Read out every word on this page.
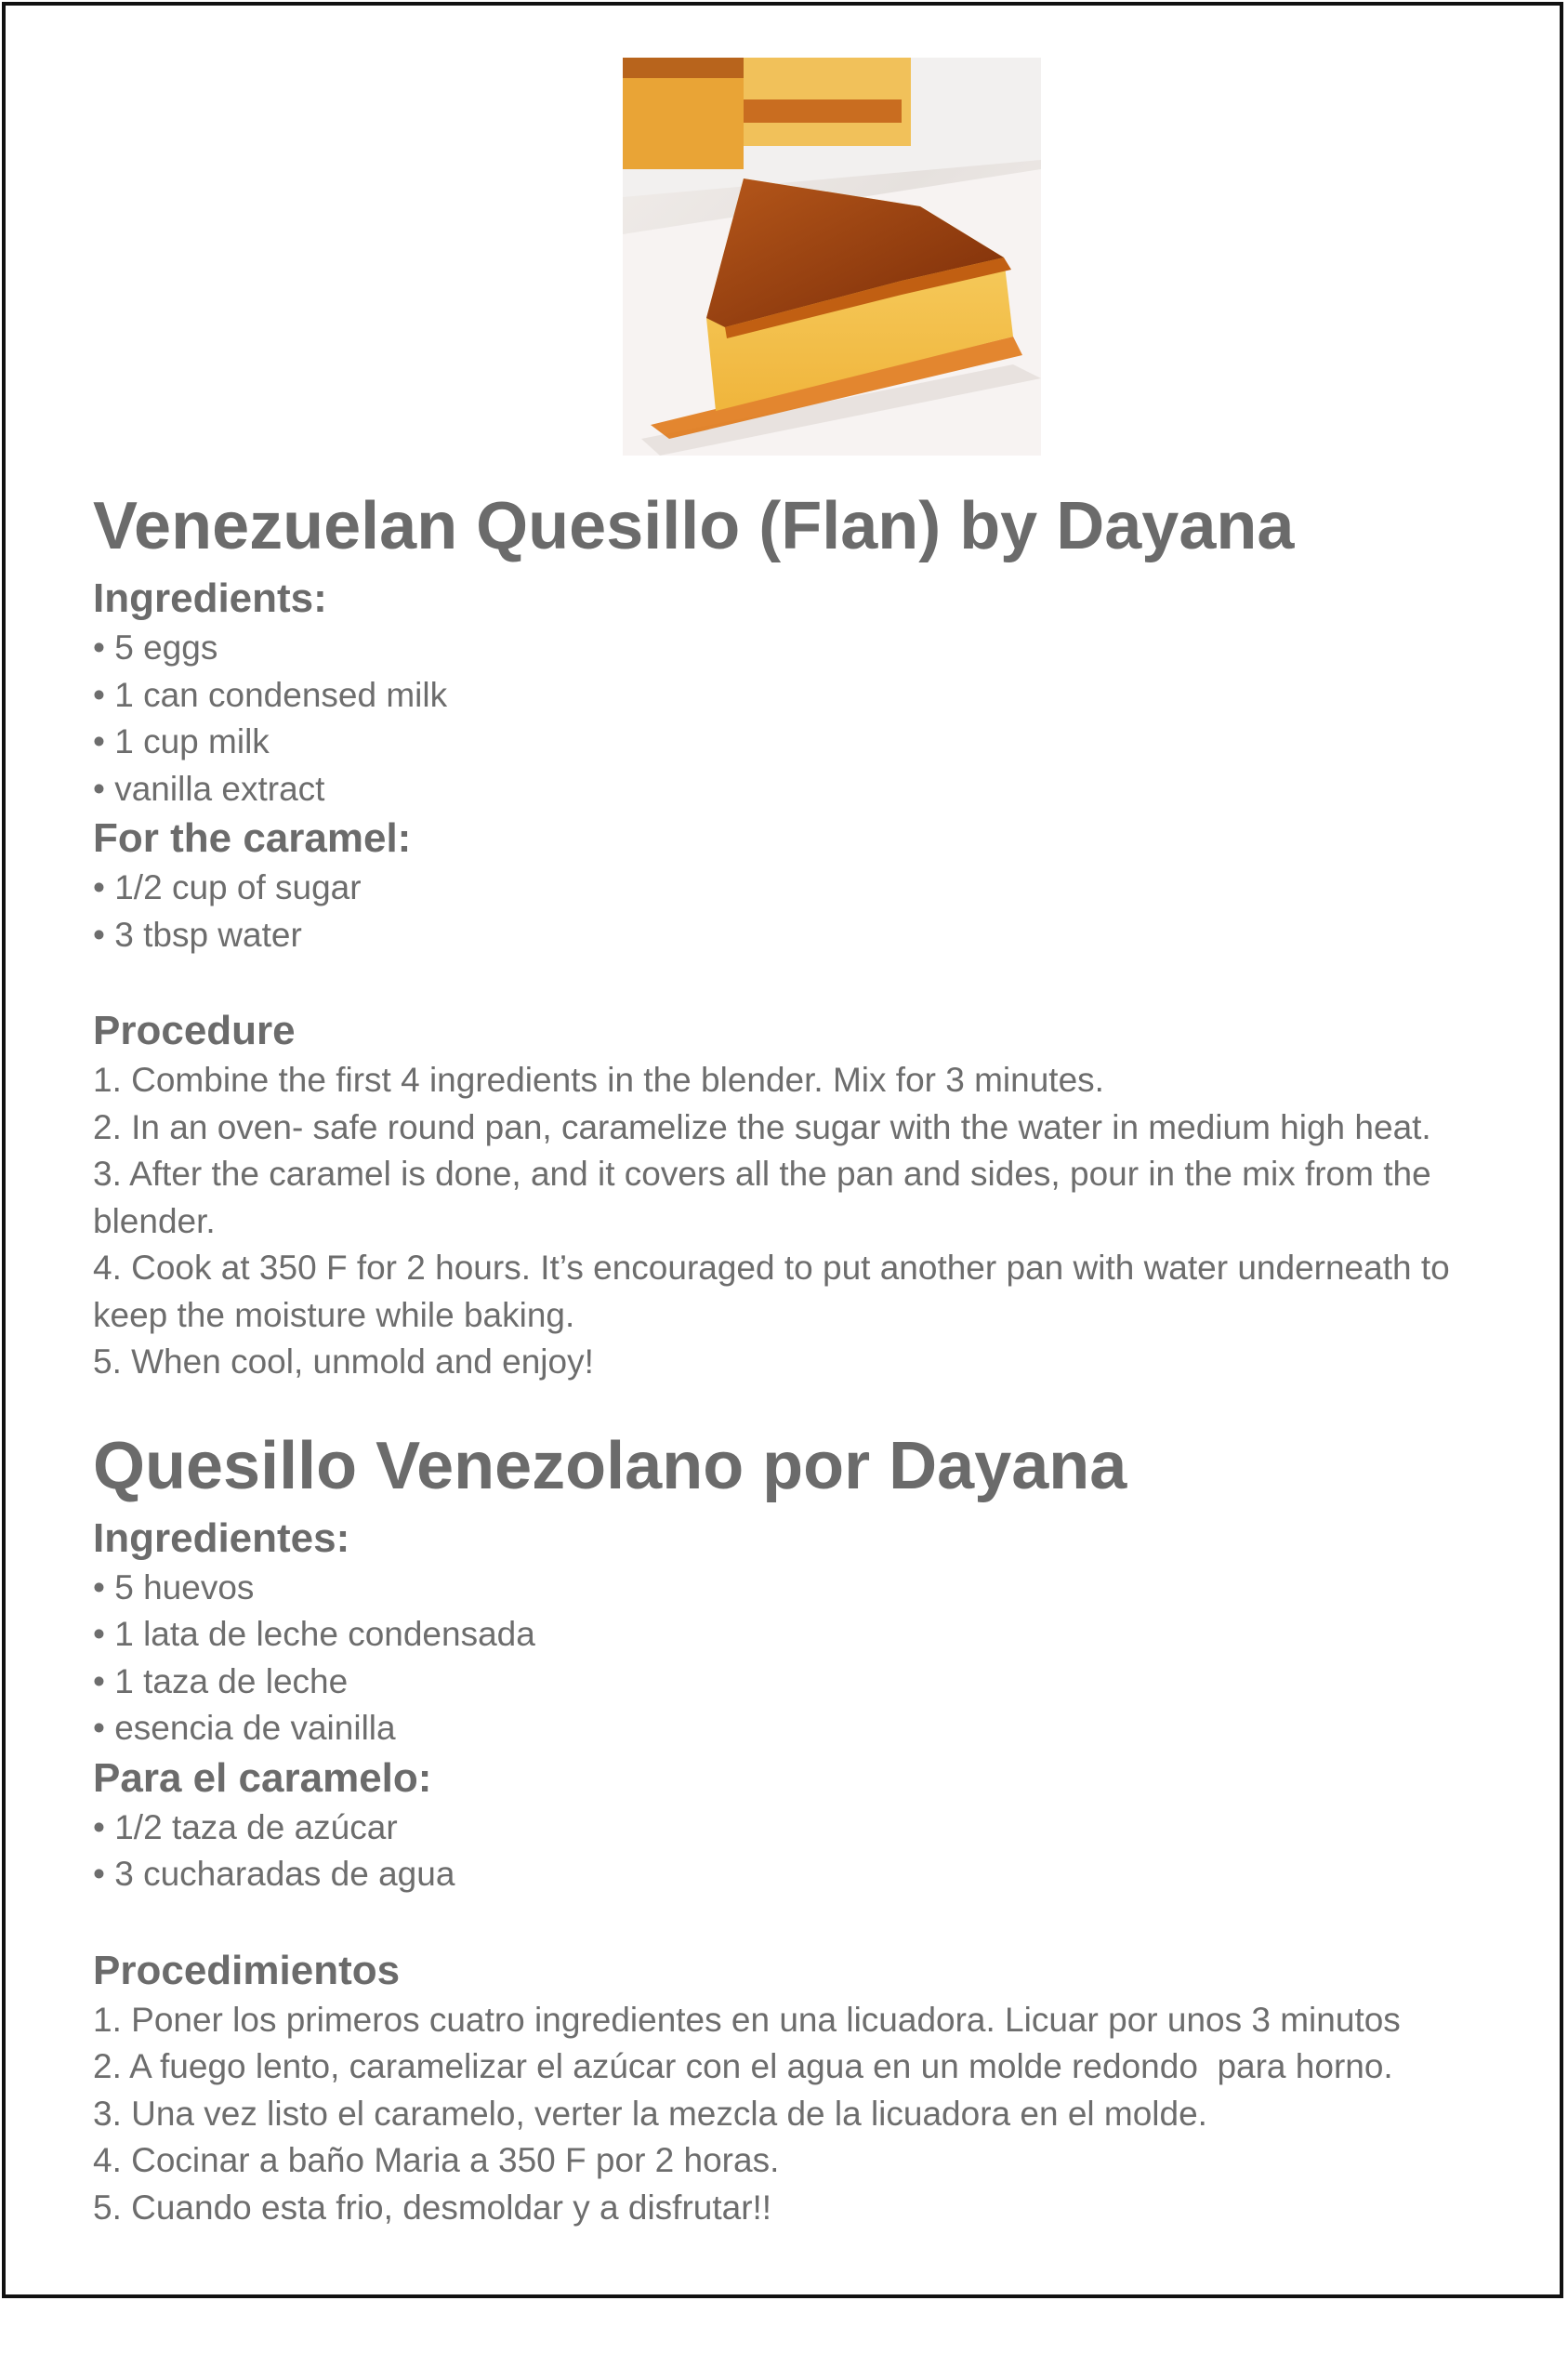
Venezuelan Quesillo (Flan) by Dayana
Ingredients:
• 5 eggs
• 1 can condensed milk
• 1 cup milk
• vanilla extract
For the caramel:
• 1/2 cup of sugar
• 3 tbsp water
Procedure
1. Combine the first 4 ingredients in the blender. Mix for 3 minutes.
2. In an oven- safe round pan, caramelize the sugar with the water in medium high heat.
3. After the caramel is done, and it covers all the pan and sides, pour in the mix from the blender.
4. Cook at 350 F for 2 hours. It’s encouraged to put another pan with water underneath to keep the moisture while baking.
5. When cool, unmold and enjoy!
Quesillo Venezolano por Dayana
Ingredientes:
• 5 huevos
• 1 lata de leche condensada
• 1 taza de leche
• esencia de vainilla
Para el caramelo:
• 1/2 taza de azúcar
• 3 cucharadas de agua
Procedimientos
1. Poner los primeros cuatro ingredientes en una licuadora. Licuar por unos 3 minutos
2. A fuego lento, caramelizar el azúcar con el agua en un molde redondo  para horno.
3. Una vez listo el caramelo, verter la mezcla de la licuadora en el molde.
4. Cocinar a baño Maria a 350 F por 2 horas.
5. Cuando esta frio, desmoldar y a disfrutar!!
